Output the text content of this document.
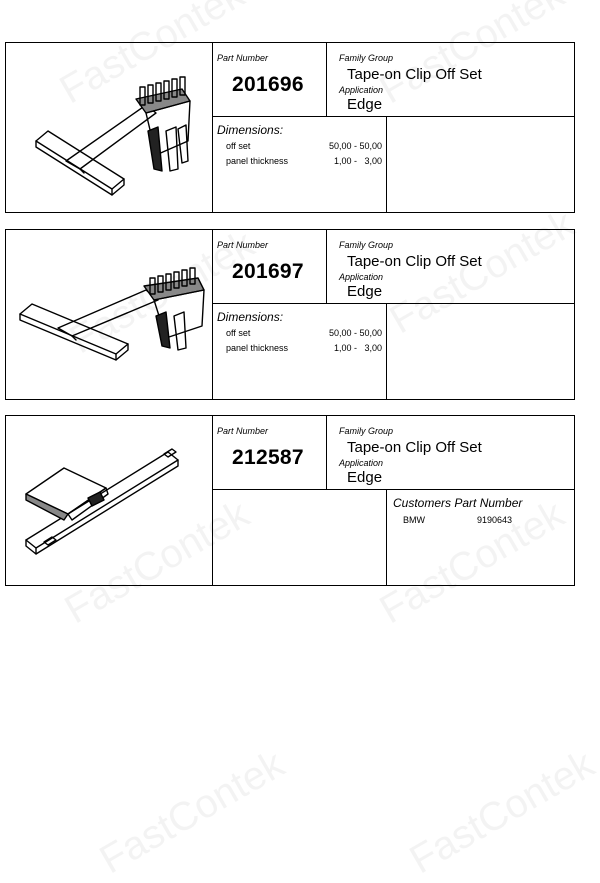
Part Number
201696
Family Group
Tape-on Clip Off Set
Application
Edge
Dimensions:
off set	50,00 - 50,00
panel thickness	1,00 -   3,00
Part Number
201697
Family Group
Tape-on Clip Off Set
Application
Edge
Dimensions:
off set	50,00 - 50,00
panel thickness	1,00 -   3,00
Part Number
212587
Family Group
Tape-on Clip Off Set
Application
Edge
Customers Part Number
BMW	9190643
